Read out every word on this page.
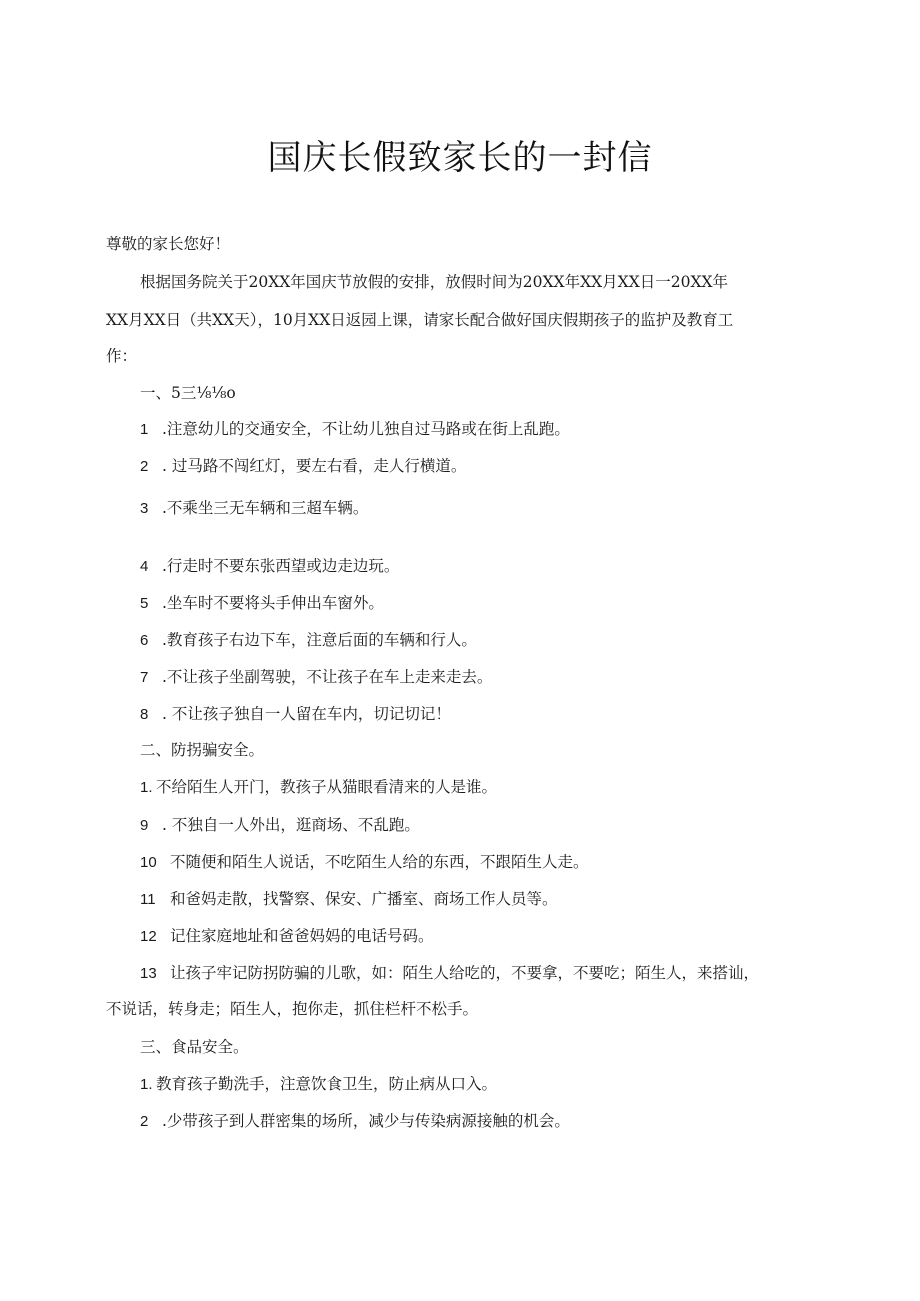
国庆长假致家长的一封信
尊敬的家长您好！
根据国务院关于20XX年国庆节放假的安排，放假时间为20XX年XX月XX日一20XX年
XX月XX日（共XX天），10月XX日返园上课，请家长配合做好国庆假期孩子的监护及教育工
作：
一、5三⅛⅛o
1 .注意幼儿的交通安全，不让幼儿独自过马路或在街上乱跑。
2 . 过马路不闯红灯，要左右看，走人行横道。
3 .不乘坐三无车辆和三超车辆。
4 .行走时不要东张西望或边走边玩。
5 .坐车时不要将头手伸出车窗外。
6 .教育孩子右边下车，注意后面的车辆和行人。
7 .不让孩子坐副驾驶，不让孩子在车上走来走去。
8 . 不让孩子独自一人留在车内，切记切记！
二、防拐骗安全。
1. 不给陌生人开门，教孩子从猫眼看清来的人是谁。
9 . 不独自一人外出，逛商场、不乱跑。
10 不随便和陌生人说话，不吃陌生人给的东西，不跟陌生人走。
11 和爸妈走散，找警察、保安、广播室、商场工作人员等。
12 记住家庭地址和爸爸妈妈的电话号码。
13 让孩子牢记防拐防骗的儿歌，如：陌生人给吃的，不要拿，不要吃；陌生人，来搭讪，
不说话，转身走；陌生人，抱你走，抓住栏杆不松手。
三、食品安全。
1. 教育孩子勤洗手，注意饮食卫生，防止病从口入。
2 .少带孩子到人群密集的场所，减少与传染病源接触的机会。
